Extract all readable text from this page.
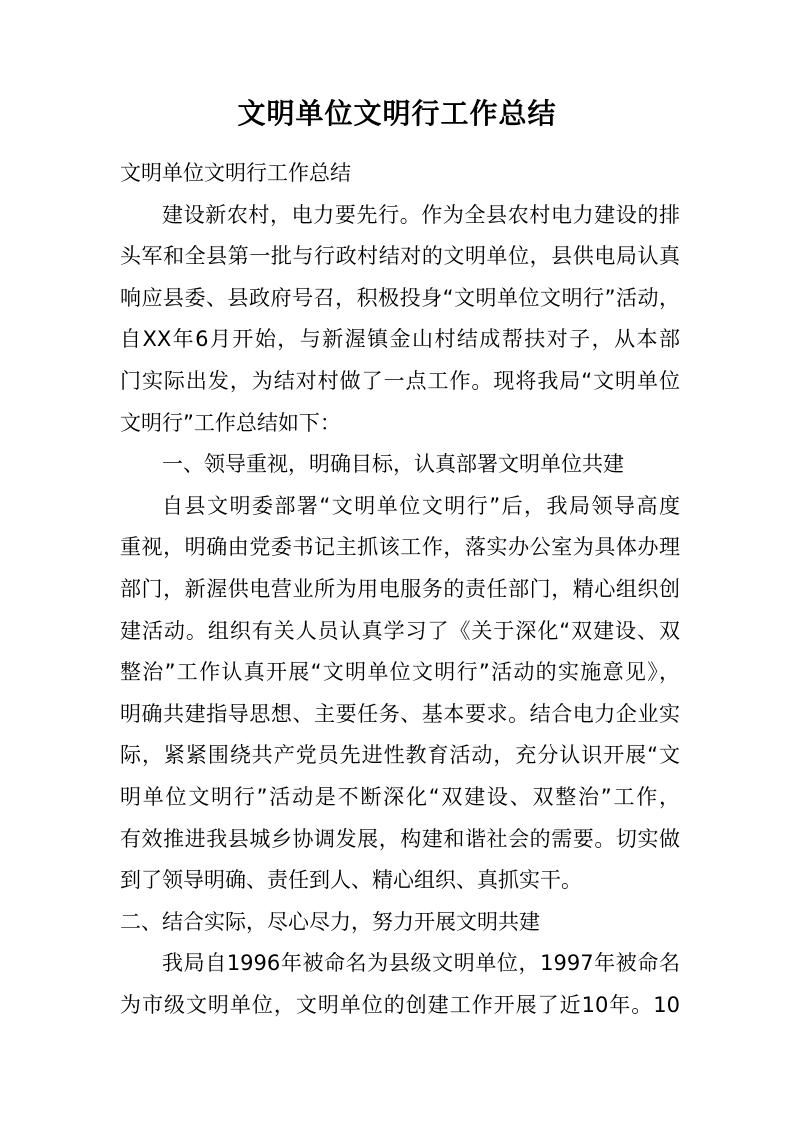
文明单位文明行工作总结
文明单位文明行工作总结
建设新农村，电力要先行。作为全县农村电力建设的排
头军和全县第一批与行政村结对的文明单位，县供电局认真
响应县委、县政府号召，积极投身“文明单位文明行”活动，
自XX年6月开始，与新渥镇金山村结成帮扶对子，从本部
门实际出发，为结对村做了一点工作。现将我局“文明单位
文明行”工作总结如下：
一、领导重视，明确目标，认真部署文明单位共建
自县文明委部署“文明单位文明行”后，我局领导高度
重视，明确由党委书记主抓该工作，落实办公室为具体办理
部门，新渥供电营业所为用电服务的责任部门，精心组织创
建活动。组织有关人员认真学习了《关于深化“双建设、双
整治”工作认真开展“文明单位文明行”活动的实施意见》，
明确共建指导思想、主要任务、基本要求。结合电力企业实
际，紧紧围绕共产党员先进性教育活动，充分认识开展“文
明单位文明行”活动是不断深化“双建设、双整治”工作，
有效推进我县城乡协调发展，构建和谐社会的需要。切实做
到了领导明确、责任到人、精心组织、真抓实干。
二、结合实际，尽心尽力，努力开展文明共建
我局自1996年被命名为县级文明单位，1997年被命名
为市级文明单位，文明单位的创建工作开展了近10年。10
